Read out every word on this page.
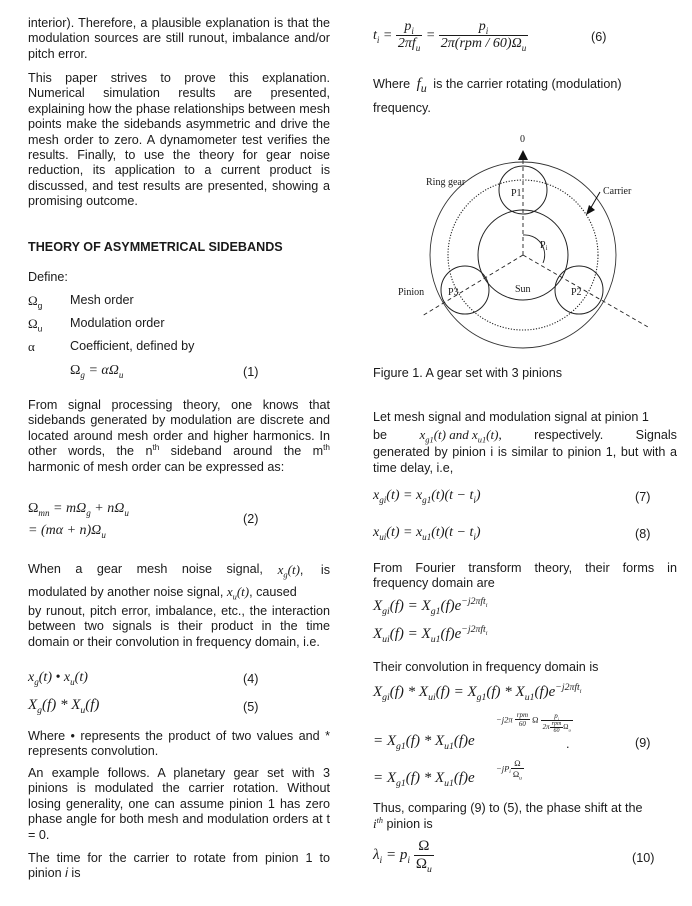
interior). Therefore, a plausible explanation is that the modulation sources are still runout, imbalance and/or pitch error.

This paper strives to prove this explanation. Numerical simulation results are presented, explaining how the phase relationships between mesh points make the sidebands asymmetric and drive the mesh order to zero. A dynamometer test verifies the results. Finally, to use the theory for gear noise reduction, its application to a current product is discussed, and test results are presented, showing a promising outcome.

THEORY OF ASYMMETRICAL SIDEBANDS
Define:
$\Omega_g$ Mesh order
$\Omega_u$ Modulation order
α	Coefficient, defined by
$\Omega_g = \alpha\Omega_u$	(1)

From signal processing theory, one knows that sidebands generated by modulation are discrete and located around mesh order and higher harmonics. In other words, the $n^{th}$ sideband around the $m^{th}$ harmonic of mesh order can be expressed as:

$\Omega_{mn} = m\Omega_g + n\Omega_u$
= $(m\alpha + n)\Omega_u$
(2)
When a gear mesh noise signal, $x_g(t)$, is
modulated by another noise signal, $x_u(t)$, caused

by runout, pitch error, imbalance, etc., the interaction between two signals is their product in the time domain or their convolution in frequency domain, i.e.

$x_g(t)$ • $x_u(t)$	(4)
$X_g(f) * X_u(f)$	(5)

Where • represents the product of two values and * represents convolution.

An example follows. A planetary gear set with 3 pinions is modulated the carrier rotation. Without losing generality, one can assume pinion 1 has zero phase angle for both mesh and modulation orders at t = 0.

The time for the carrier to rotate from pinion 1 to pinion i is

$t_i = \frac{p_i}{2\pi f_u} = \frac{p_i}{2\pi(rpm / 60)\Omega_u}$	(6)
Where $f_u$ is the carrier rotating (modulation)
frequency.
0
Ring gear
Carrier
P1
P2
P3
$P_i$
Sun
Pinion
Figure 1. A gear set with 3 pinions

Let mesh signal and modulation signal at pinion 1

be $x_{g1}(t)$ and $x_{u1}(t)$,	respectively.	Signals

generated by pinion i is similar to pinion 1, but with a time delay, i.e,

$x_{gi}(t) = x_{g1}(t)(t - t_i)$	(7)
$x_{ui}(t) = x_{u1}(t)(t - t_i)$	(8)

From Fourier transform theory, their forms in frequency domain are

$X_{gi}(f) = X_{g1}(f)e^{-j2\pi ft_i}$
$X_{ui}(f) = X_{u1}(f)e^{-j2\pi ft_i}$
Their convolution in frequency domain is
$X_{gi}(f) * X_{ui}(f) = X_{g1}(f) * X_{u1}(f)e^{-j2\pi ft_i}$
= $X_{g1}(f) * X_{u1}(f)e$
$-j2\pi \frac{\text{rpm}}{60}$ Ω $\frac{p_i}{2\pi \frac{\text{rpm}}{60} \Omega_u}$
.	(9)
= $X_{g1}(f) * X_{u1}(f)e$
$-jP_i \frac{\Omega}{\Omega_u}$

Thus, comparing (9) to (5), the phase shift at the
$i^{th}$ pinion is

$\lambda_i = p_i \frac{\Omega}{\Omega_u}$	(10)
